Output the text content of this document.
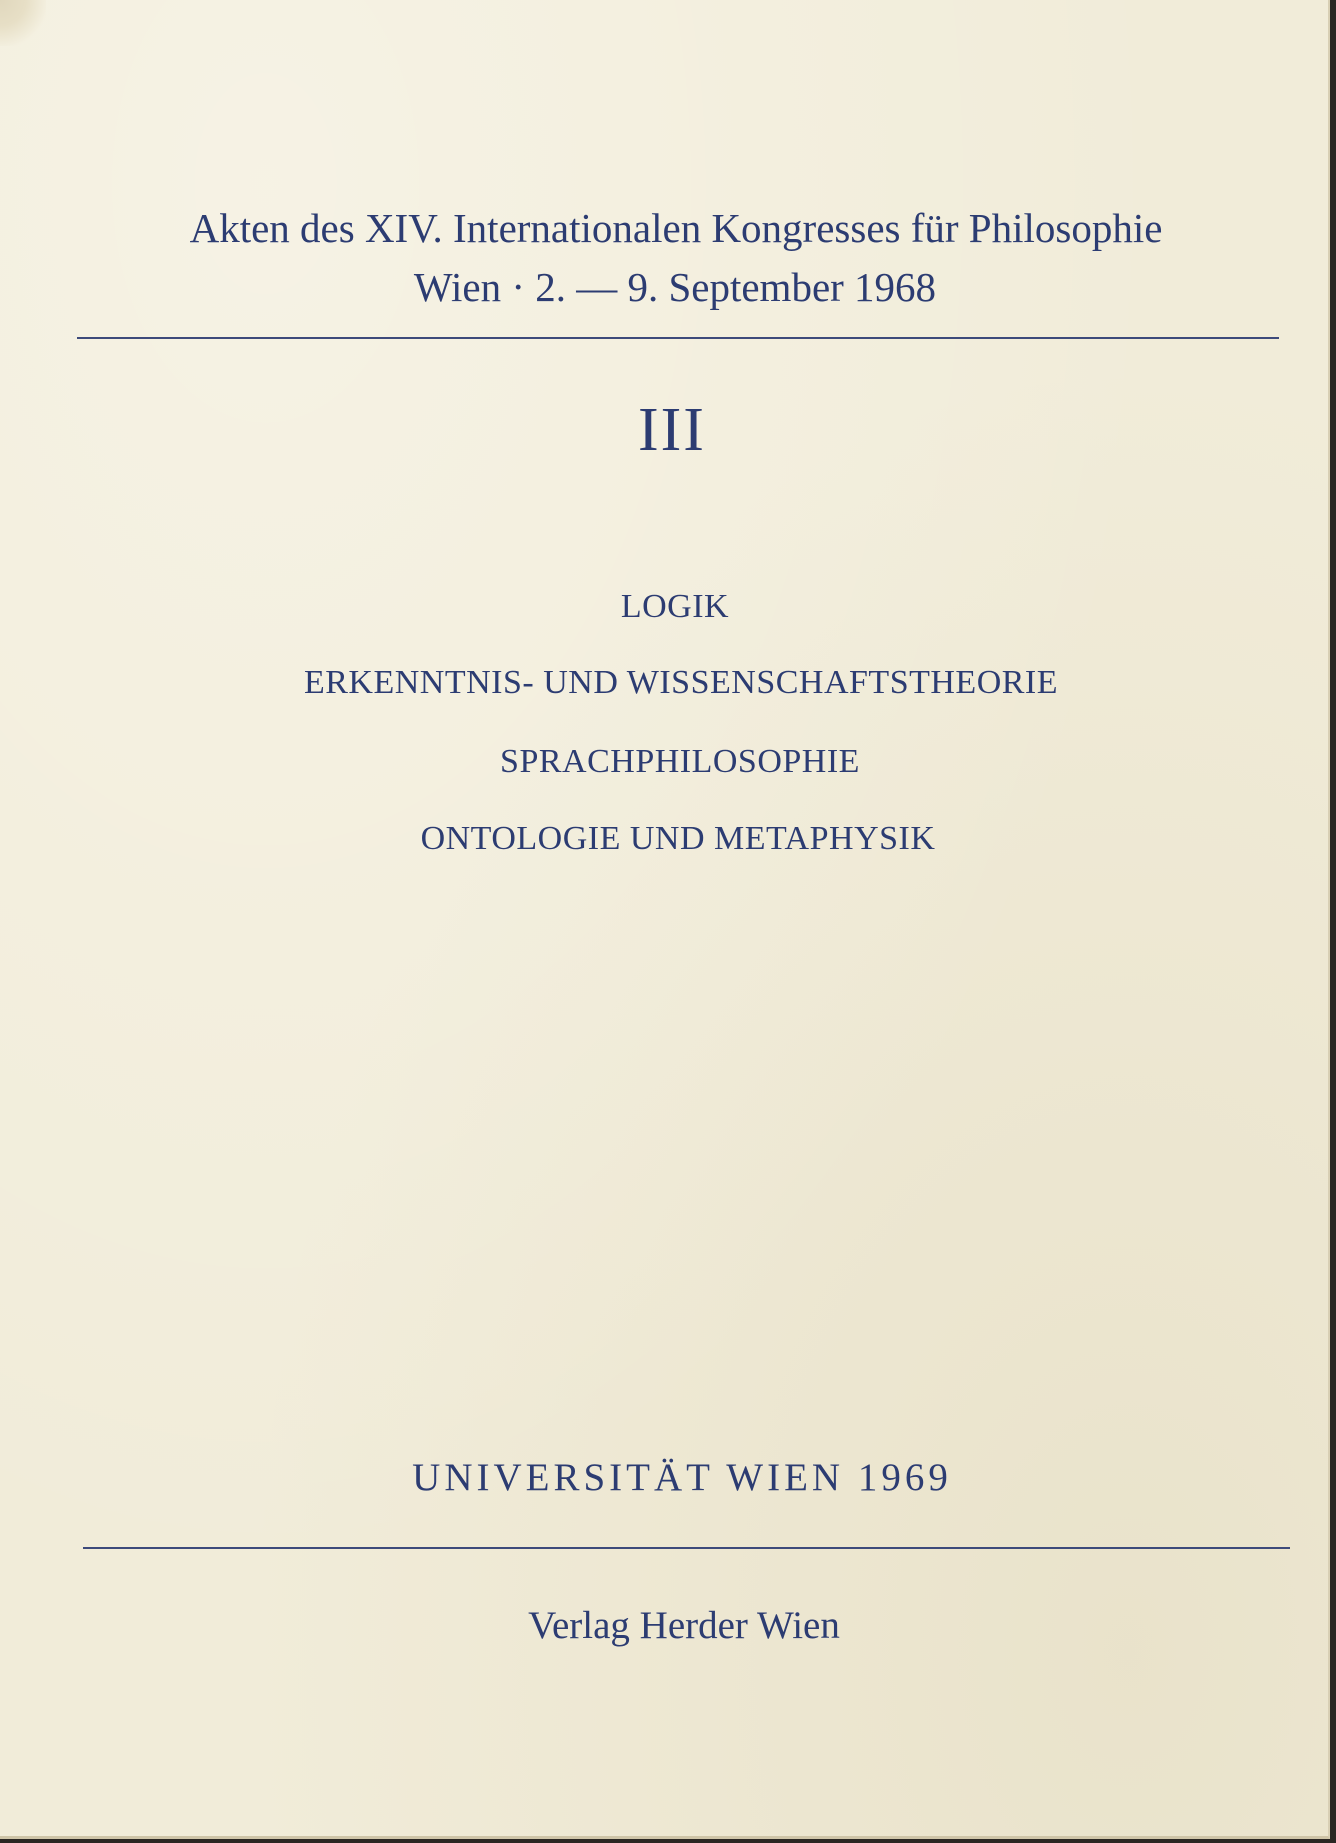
Akten des XIV. Internationalen Kongresses für Philosophie
Wien · 2. — 9. September 1968
III
LOGIK
ERKENNTNIS- UND WISSENSCHAFTSTHEORIE
SPRACHPHILOSOPHIE
ONTOLOGIE UND METAPHYSIK
UNIVERSITÄT WIEN 1969
Verlag Herder Wien
